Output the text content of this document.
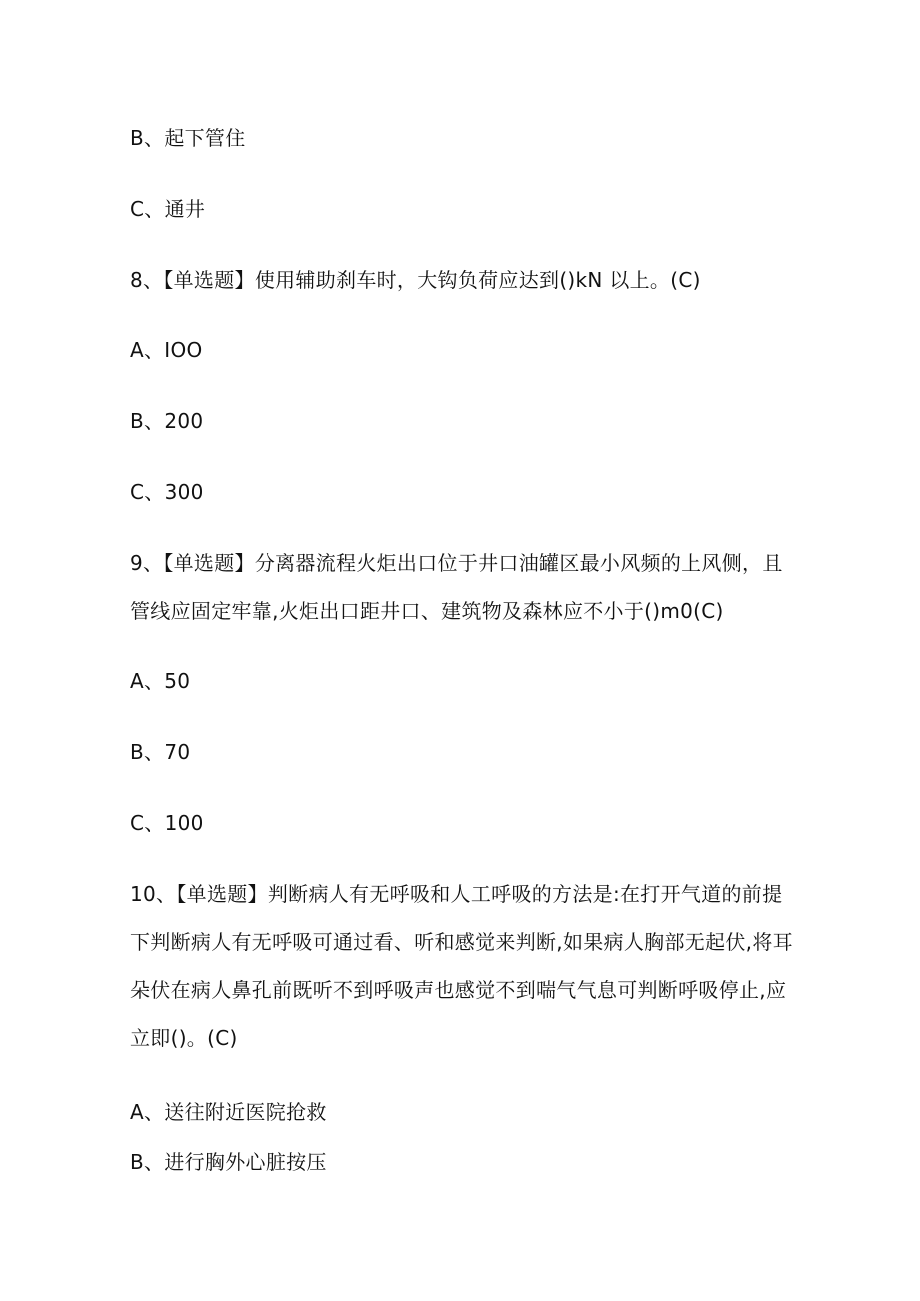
B、起下管住
C、通井
8、【单选题】使用辅助刹车时，大钩负荷应达到()kN 以上。(C)
A、IOO
B、200
C、300
9、【单选题】分离器流程火炬出口位于井口油罐区最小风频的上风侧，且
管线应固定牢靠,火炬出口距井口、建筑物及森林应不小于()m0(C)
A、50
B、70
C、100
10、【单选题】判断病人有无呼吸和人工呼吸的方法是:在打开气道的前提
下判断病人有无呼吸可通过看、听和感觉来判断,如果病人胸部无起伏,将耳
朵伏在病人鼻孔前既听不到呼吸声也感觉不到喘气气息可判断呼吸停止,应
立即()。(C)
A、送往附近医院抢救
B、进行胸外心脏按压
